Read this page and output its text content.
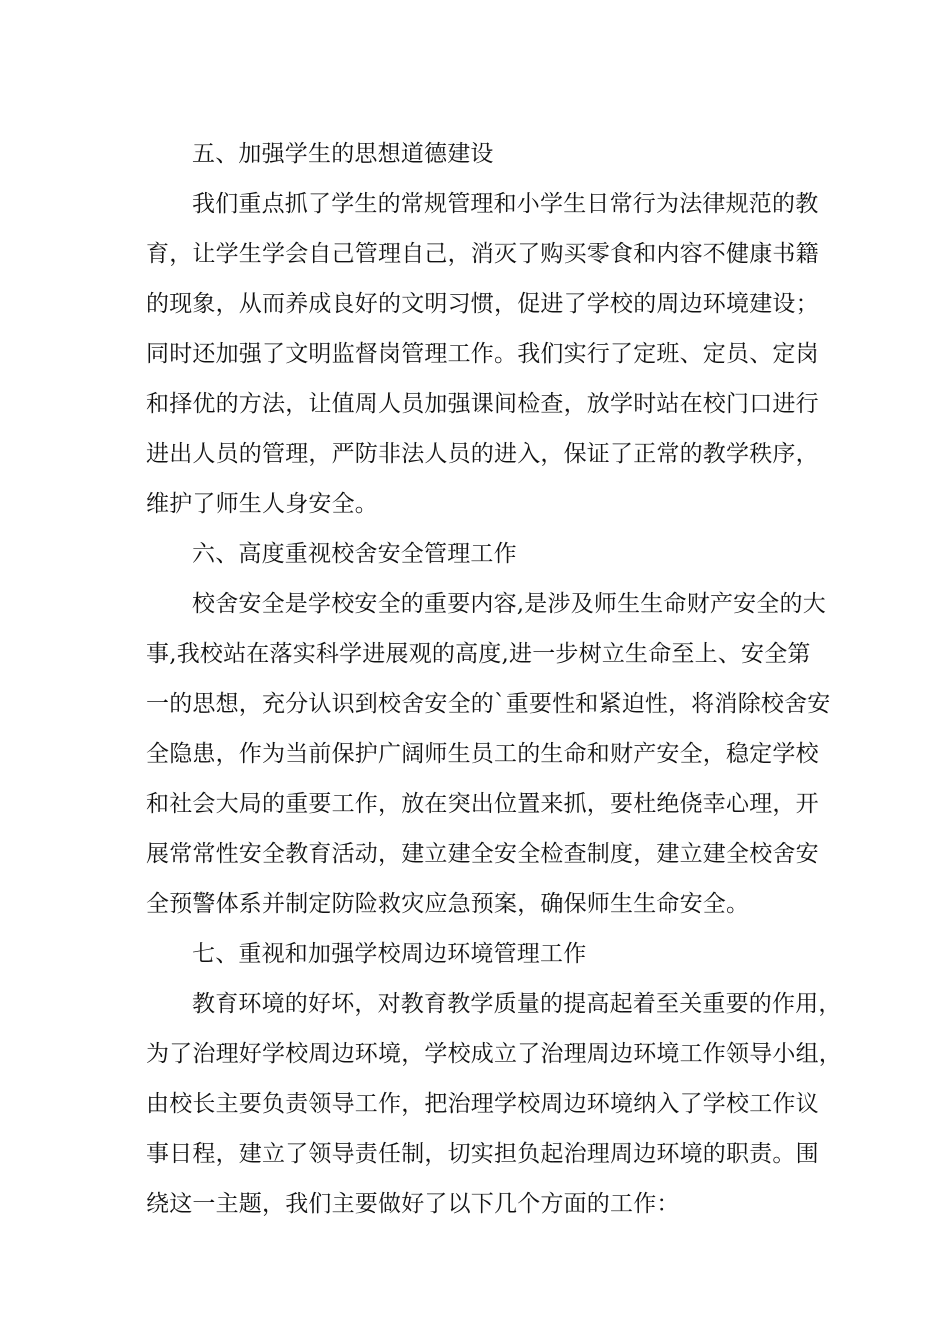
五、加强学生的思想道德建设
我们重点抓了学生的常规管理和小学生日常行为法律规范的教
育，让学生学会自己管理自己，消灭了购买零食和内容不健康书籍
的现象，从而养成良好的文明习惯，促进了学校的周边环境建设；
同时还加强了文明监督岗管理工作。我们实行了定班、定员、定岗
和择优的方法，让值周人员加强课间检查，放学时站在校门口进行
进出人员的管理，严防非法人员的进入，保证了正常的教学秩序，
维护了师生人身安全。
六、高度重视校舍安全管理工作
校舍安全是学校安全的重要内容,是涉及师生生命财产安全的大
事,我校站在落实科学进展观的高度,进一步树立生命至上、安全第
一的思想，充分认识到校舍安全的`重要性和紧迫性，将消除校舍安
全隐患，作为当前保护广阔师生员工的生命和财产安全，稳定学校
和社会大局的重要工作，放在突出位置来抓，要杜绝侥幸心理，开
展常常性安全教育活动，建立建全安全检查制度，建立建全校舍安
全预警体系并制定防险救灾应急预案，确保师生生命安全。
七、重视和加强学校周边环境管理工作
教育环境的好坏，对教育教学质量的提高起着至关重要的作用，
为了治理好学校周边环境，学校成立了治理周边环境工作领导小组，
由校长主要负责领导工作，把治理学校周边环境纳入了学校工作议
事日程，建立了领导责任制，切实担负起治理周边环境的职责。围
绕这一主题，我们主要做好了以下几个方面的工作：
